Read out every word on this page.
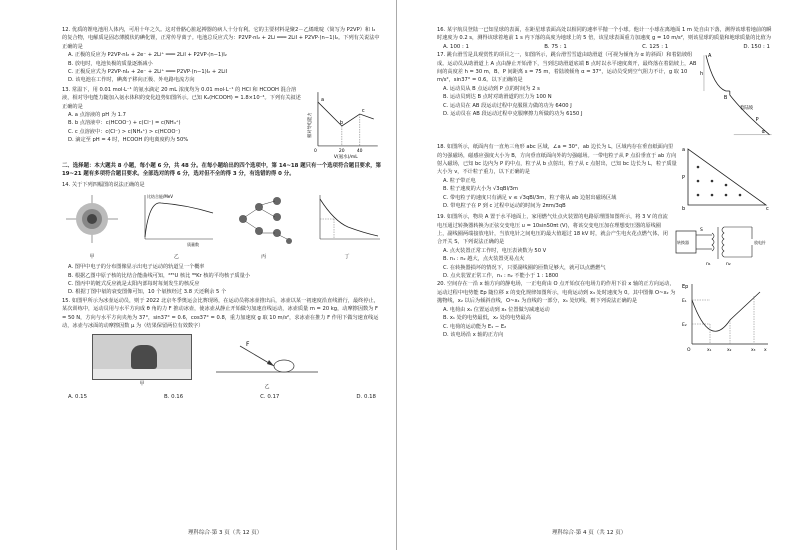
12. 优质的锂电池用人体内，可用十年之久。这对骨骼心脏起搏器的病人十分有利。它的主要材料是聚2－乙烯吡啶（简写为 P2VP）和 I₂ 的复合物，电解质是固态薄膜状的碘化锂，正常传导离子。电池总反应式为：P2VP·nI₂ + 2Li ═══ 2LiI + P2VP·(n−1)I₂。下列有关说法中正确的是

A. 正极的反应为 P2VP·nI₂ + 2e⁻ + 2Li⁺ ═══ 2LiI + P2VP·(n−1)I₂

B. 放电时，电池负极的质量逐渐减小

C. 正极反应式为 P2VP·nI₂ + 2e⁻ + 2Li⁺ ═══ P2VP·(n−1)I₂ + 2LiI

D. 该电池在工作时，碘离子移向正极、外电路电流方向

13. 常温下，用 0.01 mol·L⁻¹ 的氨水滴定 20 mL 浓度均为 0.01 mol·L⁻¹ 的 HCl 和 HCOOH 混合溶液，相对导电能力随加入氨水体积的变化趋势如图所示。已知 Kₐ(HCOOH) = 1.8×10⁻⁴。下列有关叙述正确的是

A. a 点溶液的 pH 为 1.7

B. b 点溶液中：c(HCOO⁻) + c(Cl⁻) = c(NH₄⁺)

C. c 点溶液中：c(Cl⁻) > c(NH₄⁺) > c(HCOO⁻)

D. 滴定至 pH = 4 时，HCOOH 的电离度约为 50%

a
b
c
0	20	40
V(氨水)/mL
相对导电能力

二、选择题：本大题共 8 小题，每小题 6 分，共 48 分。在每小题给出的四个选项中，第 14~18 题只有一个选项符合题目要求，第 19~21 题有多项符合题目要求。全部选对的得 6 分，选对但不全的得 3 分，有选错的得 0 分。

14. 关于下列四幅图的说法正确的是

甲
比结合能/MeV
质量数
乙	丙	丁

A. 图甲中电子的分布图像显示出电子运动的轨道呈一个概率

B. 根据乙图中原子核的比结合能曲线可知，²³⁵U 核比 ⁸⁹Kr 核的平均核子质量小

C. 图丙中的链式反应就是太阳内部每时每刻发生的核反应

D. 根据丁图中氡的衰变图像可知，10 个氡核经过 3.8 天还剩余 5 个

15. 如图甲所示为冰壶运动员，则于 2022 北京冬季奥运会比赛现场，在运动员将冰壶推出后，冰壶以某一初速度沿直线滑行，最终停止，某次训练中，运动员用与水平方向成 θ 角的力 F 推动冰壶，使冰壶从静止开始做匀加速直线运动，冰壶质量 m = 20 kg，动摩擦因数为 F = 50 N，方向与水平方向夹角为 37°，sin37° = 0.6，cos37° = 0.8，重力加速度 g 取 10 m/s²，求冰壶在推力 F 作用下做匀速直线运动，冰壶与冰面的动摩擦因数 μ 为（结果保留两位有效数字）

甲
F
乙
A. 0.15	B. 0.16	C. 0.17	D. 0.18
理科综合·第 3 页（共 12 页）

16. 某宇航员登陆一已知星球的表面，在距星球表面高处以相同的速率平抛一个小球。他计一小球在离地面 1 m 处自由下落，测得该球着地前的瞬时速度为 0.2 s，测得该球着地前 1 s 内下落的高度为地球上的 5 倍，该星球表面重力加速度 g = 10 m/s²，则该星球的质量和地球质量的比值为

A. 100 : 1	B. 75 : 1	C. 125 : 1	D. 150 : 1

17. 跳台滑雪是具观赏性的项目之一，如图所示，跳台滑雪雪道由助滑道（可视为倾角为 α 的斜面）和着陆坡组成。运动员从助滑道上 A 点由静止开始滑下，当到达助滑道底端 B 点时以水平速度离开，最终落在着陆坡上，AB 间的高度差 h = 30 m，B、P 间距离 s = 75 m，着陆坡倾角 α = 37°，运动员受到空气阻力不计，g 取 10 m/s²，sin37° = 0.6。以下正确的是

A. 运动员从 B 点运动到 P 点的时间为 2 s

B. 运动员到达 B 点时对助滑道的压力为 100 N

C. 运动员在 AB 段运动过程中克服阻力做的功为 6400 J

D. 运动员在 AB 段运动过程中克服摩擦力所做的功为 6150 J

A
B
P
h
α
着陆坡

18. 如图所示，纸面内有一直角三角形 abc 区域，∠a = 30°，ab 边长为 L，区域内存在垂直纸面向里的匀强磁场，磁感应强度大小为 B，方向垂直纸面向外的匀强磁场。一带电粒子从 P 点沿垂直于 ab 方向射入磁场，已知 bc 边内为 P 的中点，粒子从 b 点射出，粒子从 c 点射出，已知 bc 边长为 L，粒子质量大小为 v，不计粒子重力，以下正确的是

A. 粒子带正电

B. 粒子速度的大小为 √3qBl/3m

C. 带电粒子的速度只有满足 v ≤ √3qBl/3m，粒子将从 ab 边射出磁场区域

D. 带电粒子在 P 到 c 过程中运动的时间为 2πm/3qB

a
b	c
P

19. 如图所示，物块 A 置于水平地面上，家用燃气灶点火装置的电路原理图如图所示，将 3 V 的直流电压通过转换器转换为正弦交变电压 u = 10sin50πt (V)，将该交变电压加在理想变压器的原线圈上，副线圈两端接放电针，当放电针之间电压的最大值超过 18 kV 时，就会产生电火花点燃气体，闭合开关 S，下列说法正确的是

A. 点火装置正常工作时，电压表读数为 50 V

B. n₁ : n₂ 越大，点火装置更易点火

C. 在转换器损坏的情况下，只要副线圈的匝数足够大，就可以点燃燃气

D. 点火装置正常工作，n₁ : n₂ 不能小于 1 : 1800

转换器
S
n₁	n₂
放电针

20. 空间存在一沿 x 轴方向的静电场，一正电荷由 O 点开始仅在电场力的作用下沿 x 轴的正方向运动，运动过程中电势能 Ep 随位移 x 的变化规律如图所示，电荷运动到 x₃ 处时速度为 0。其中图像 O~x₂ 为抛物线，x₂ 以后为倾斜直线，O~x₁ 为直线的一部分，x₁ 处切线，则下列说法正确的是

A. 电荷由 x₁ 位置运动到 x₃ 位置做匀减速运动

B. x₁ 处的电势最低，x₂ 处的电势最高

C. 电荷的运动能为 E₁ − E₂

D. 该电场沿 x 轴的正方向

Ep
E₁
E₂
O	x₁	x₂	x₃ x
理科综合·第 4 页（共 12 页）
